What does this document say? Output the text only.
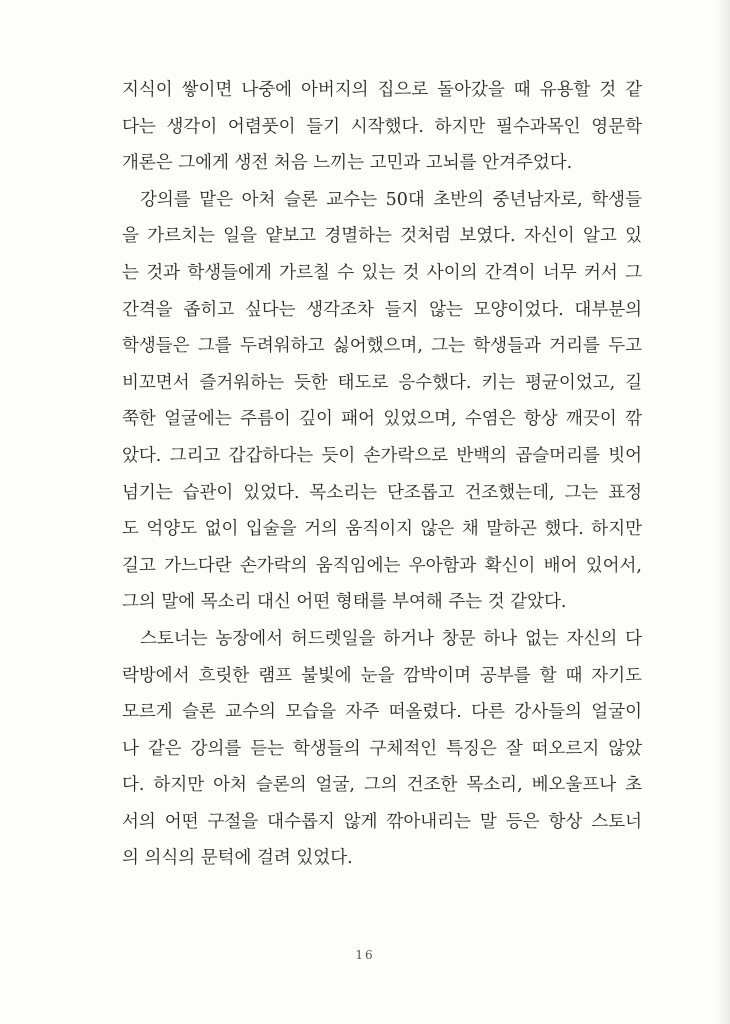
지식이 쌓이면 나중에 아버지의 집으로 돌아갔을 때 유용할 것 같
다는 생각이 어렴풋이 들기 시작했다. 하지만 필수과목인 영문학
개론은 그에게 생전 처음 느끼는 고민과 고뇌를 안겨주었다.
강의를 맡은 아처 슬론 교수는 50대 초반의 중년남자로, 학생들
을 가르치는 일을 얕보고 경멸하는 것처럼 보였다. 자신이 알고 있
는 것과 학생들에게 가르칠 수 있는 것 사이의 간격이 너무 커서 그
간격을 좁히고 싶다는 생각조차 들지 않는 모양이었다. 대부분의
학생들은 그를 두려워하고 싫어했으며, 그는 학생들과 거리를 두고
비꼬면서 즐거워하는 듯한 태도로 응수했다. 키는 평균이었고, 길
쭉한 얼굴에는 주름이 깊이 패어 있었으며, 수염은 항상 깨끗이 깎
았다. 그리고 갑갑하다는 듯이 손가락으로 반백의 곱슬머리를 빗어
넘기는 습관이 있었다. 목소리는 단조롭고 건조했는데, 그는 표정
도 억양도 없이 입술을 거의 움직이지 않은 채 말하곤 했다. 하지만
길고 가느다란 손가락의 움직임에는 우아함과 확신이 배어 있어서,
그의 말에 목소리 대신 어떤 형태를 부여해 주는 것 같았다.
스토너는 농장에서 허드렛일을 하거나 창문 하나 없는 자신의 다
락방에서 흐릿한 램프 불빛에 눈을 깜박이며 공부를 할 때 자기도
모르게 슬론 교수의 모습을 자주 떠올렸다. 다른 강사들의 얼굴이
나 같은 강의를 듣는 학생들의 구체적인 특징은 잘 떠오르지 않았
다. 하지만 아처 슬론의 얼굴, 그의 건조한 목소리, 베오울프나 초
서의 어떤 구절을 대수롭지 않게 깎아내리는 말 등은 항상 스토너
의 의식의 문턱에 걸려 있었다.
16
